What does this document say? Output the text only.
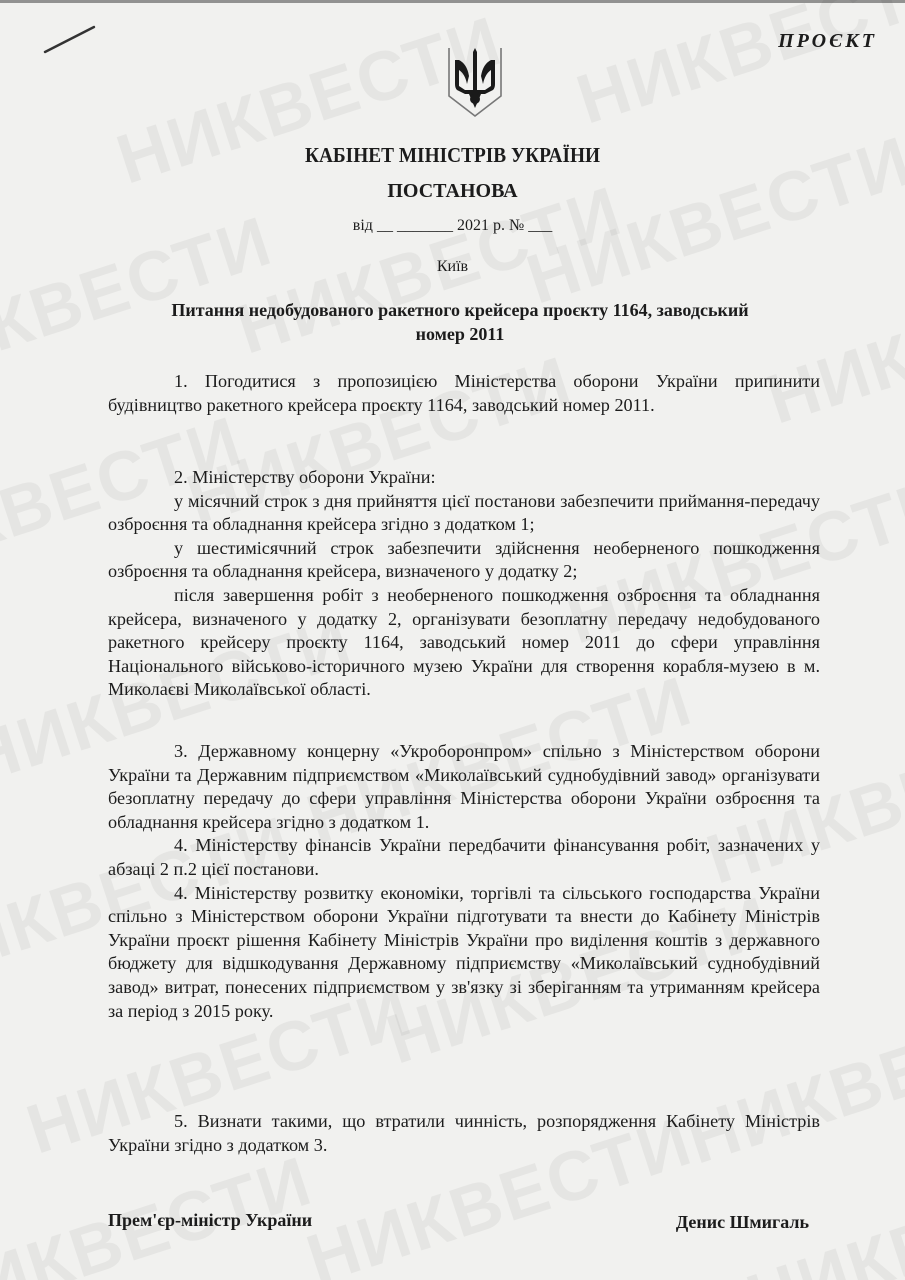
ПРОЄКТ
КАБІНЕТ МІНІСТРІВ УКРАЇНИ
ПОСТАНОВА
від __ _______ 2021 р. № ___
Київ
Питання недобудованого ракетного крейсера проєкту 1164, заводський
номер 2011

1. Погодитися з пропозицією Міністерства оборони України припинити будівництво ракетного крейсера проєкту 1164, заводський номер 2011.

2. Міністерству оборони України:

у місячний строк з дня прийняття цієї постанови забезпечити приймання-передачу озброєння та обладнання крейсера згідно з додатком 1;

у шестимісячний строк забезпечити здійснення необерненого пошкодження озброєння та обладнання крейсера, визначеного у додатку 2;

після завершення робіт з необерненого пошкодження озброєння та обладнання крейсера, визначеного у додатку 2, організувати безоплатну передачу недобудованого ракетного крейсеру проєкту 1164, заводський номер 2011 до сфери управління Національного військово-історичного музею України для створення корабля-музею в м. Миколаєві Миколаївської області.

3. Державному концерну «Укроборонпром» спільно з Міністерством оборони України та Державним підприємством «Миколаївський суднобудівний завод» організувати безоплатну передачу до сфери управління Міністерства оборони України озброєння та обладнання крейсера згідно з додатком 1.

4. Міністерству фінансів України передбачити фінансування робіт, зазначених у абзаці 2 п.2 цієї постанови.

4. Міністерству розвитку економіки, торгівлі та сільського господарства України спільно з Міністерством оборони України підготувати та внести до Кабінету Міністрів України проєкт рішення Кабінету Міністрів України про виділення коштів з державного бюджету для відшкодування Державному підприємству «Миколаївський суднобудівний завод» витрат, понесених підприємством у зв'язку зі зберіганням та утриманням крейсера за період з 2015 року.

5. Визнати такими, що втратили чинність, розпорядження Кабінету Міністрів України згідно з додатком 3.

Прем'єр-міністр України	Денис Шмигаль
